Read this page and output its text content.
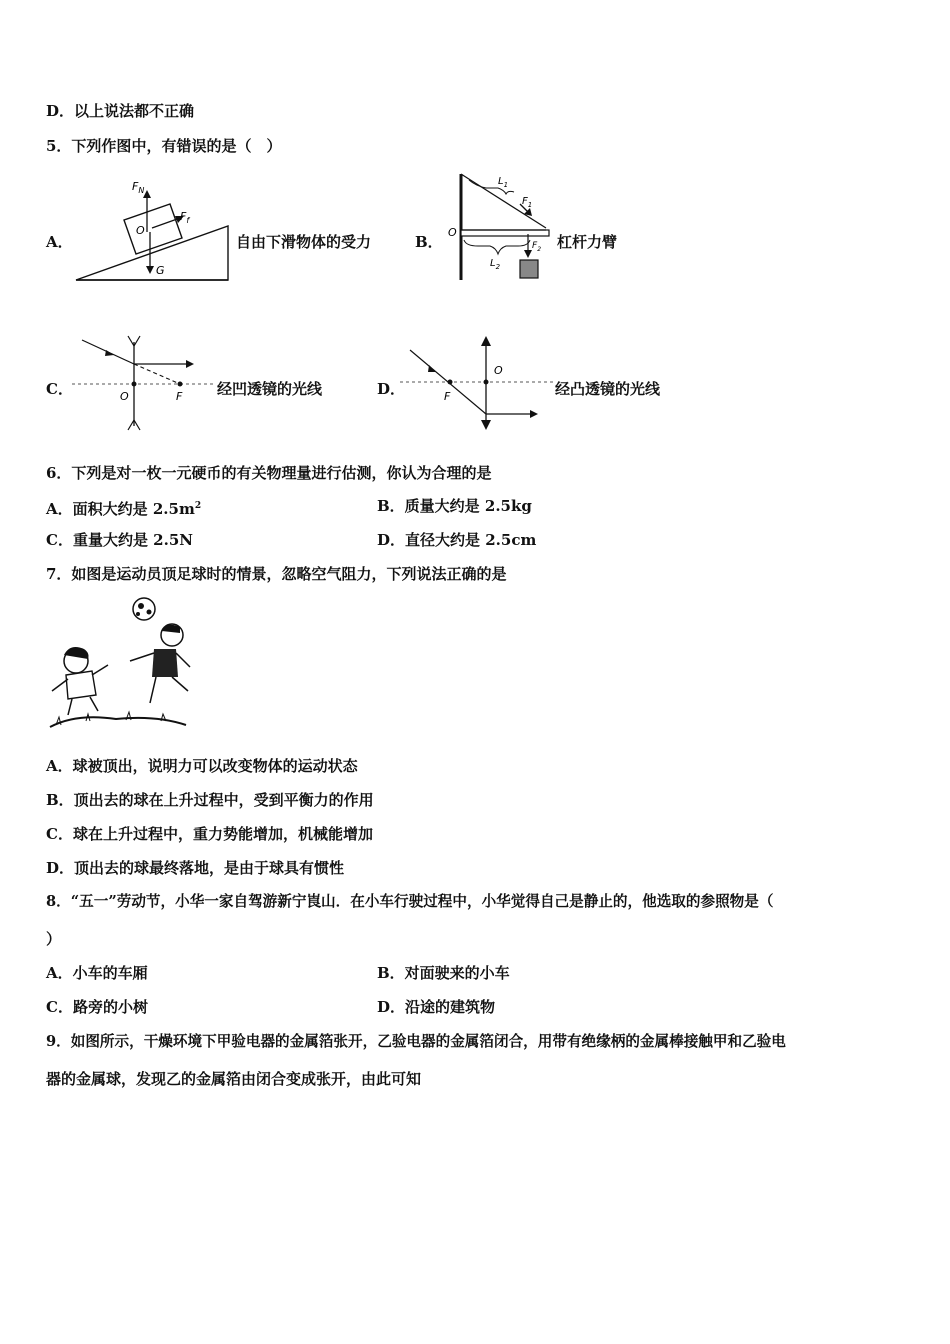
D．以上说法都不正确
5．下列作图中，有错误的是（　）
A．
$F_N$
$F_f$
O
G
自由下滑物体的受力	B．
O
$L_1$
$F_1$
$L_2$
$F_2$ 杠杆力臂
C．	O	F 经凹透镜的光线	D．	F
O
经凸透镜的光线
6．下列是对一枚一元硬币的有关物理量进行估测，你认为合理的是
A．面积大约是 $2.5m^2$	B．质量大约是 2.5kg
C．重量大约是 2.5N	D．直径大约是 2.5cm
7．如图是运动员顶足球时的情景，忽略空气阻力，下列说法正确的是
A．球被顶出，说明力可以改变物体的运动状态
B．顶出去的球在上升过程中，受到平衡力的作用
C．球在上升过程中，重力势能增加，机械能增加
D．顶出去的球最终落地，是由于球具有惯性
8．“五一”劳动节，小华一家自驾游新宁崀山．在小车行驶过程中，小华觉得自己是静止的，他选取的参照物是（
）
A．小车的车厢	B．对面驶来的小车
C．路旁的小树	D．沿途的建筑物
9．如图所示，干燥环境下甲验电器的金属箔张开，乙验电器的金属箔闭合，用带有绝缘柄的金属棒接触甲和乙验电
器的金属球，发现乙的金属箔由闭合变成张开，由此可知
